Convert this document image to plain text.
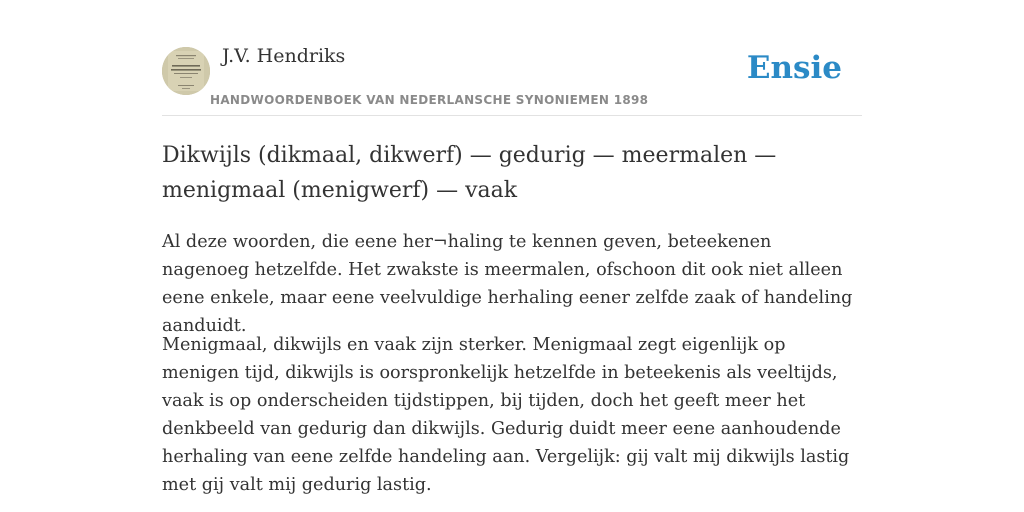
J.V. Hendriks
HANDWOORDENBOEK VAN NEDERLANSCHE SYNONIEMEN 1898
Ensie
Dikwijls (dikmaal, dikwerf) — gedurig — meermalen — menigmaal (menigwerf) — vaak

Al deze woorden, die eene her¬haling te kennen geven, beteekenen nagenoeg hetzelfde. Het zwakste is meermalen, ofschoon dit ook niet alleen eene enkele, maar eene veelvuldige herhaling eener zelfde zaak of handeling aanduidt.

Menigmaal, dikwijls en vaak zijn sterker. Menigmaal zegt eigenlijk op menigen tijd, dikwijls is oorspronkelijk hetzelfde in beteekenis als veeltijds, vaak is op onderscheiden tijdstippen, bij tijden, doch het geeft meer het denkbeeld van gedurig dan dikwijls. Gedurig duidt meer eene aanhoudende herhaling van eene zelfde handeling aan. Vergelijk: gij valt mij dikwijls lastig met gij valt mij gedurig lastig.
